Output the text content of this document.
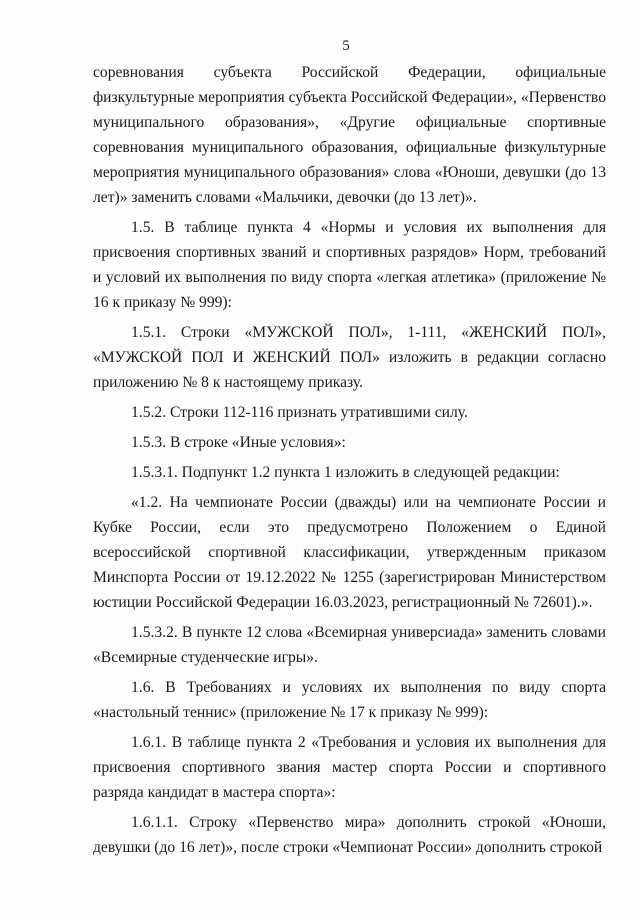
5

соревнования субъекта Российской Федерации, официальные физкультурные мероприятия субъекта Российской Федерации», «Первенство муниципального образования», «Другие официальные спортивные соревнования муниципального образования, официальные физкультурные мероприятия муниципального образования» слова «Юноши, девушки (до 13 лет)» заменить словами «Мальчики, девочки (до 13 лет)».

1.5. В таблице пункта 4 «Нормы и условия их выполнения для присвоения спортивных званий и спортивных разрядов» Норм, требований и условий их выполнения по виду спорта «легкая атлетика» (приложение № 16 к приказу № 999):

1.5.1. Строки «МУЖСКОЙ ПОЛ», 1-111, «ЖЕНСКИЙ ПОЛ», «МУЖСКОЙ ПОЛ И ЖЕНСКИЙ ПОЛ» изложить в редакции согласно приложению № 8 к настоящему приказу.

1.5.2. Строки 112-116 признать утратившими силу.

1.5.3. В строке «Иные условия»:

1.5.3.1. Подпункт 1.2 пункта 1 изложить в следующей редакции:

«1.2. На чемпионате России (дважды) или на чемпионате России и Кубке России, если это предусмотрено Положением о Единой всероссийской спортивной классификации, утвержденным приказом Минспорта России от 19.12.2022 № 1255 (зарегистрирован Министерством юстиции Российской Федерации 16.03.2023, регистрационный № 72601).».

1.5.3.2. В пункте 12 слова «Всемирная универсиада» заменить словами «Всемирные студенческие игры».

1.6. В Требованиях и условиях их выполнения по виду спорта «настольный теннис» (приложение № 17 к приказу № 999):

1.6.1. В таблице пункта 2 «Требования и условия их выполнения для присвоения спортивного звания мастер спорта России и спортивного разряда кандидат в мастера спорта»:

1.6.1.1. Строку «Первенство мира» дополнить строкой «Юноши, девушки (до 16 лет)», после строки «Чемпионат России» дополнить строкой
